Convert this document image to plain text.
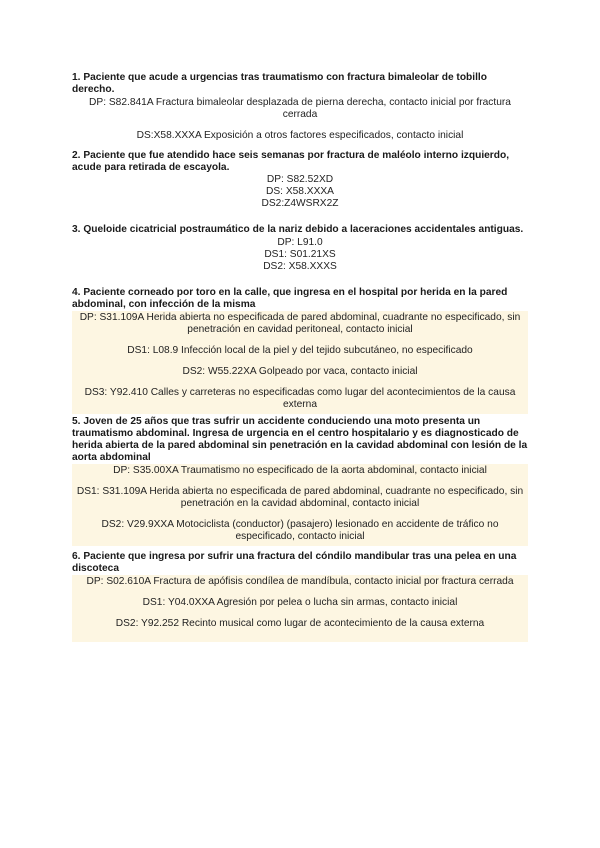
1. Paciente que acude a urgencias tras traumatismo con fractura bimaleolar de tobillo derecho.

DP: S82.841A Fractura bimaleolar desplazada de pierna derecha, contacto inicial por fractura cerrada

DS:X58.XXXA Exposición a otros factores especificados, contacto inicial

2. Paciente que fue atendido hace seis semanas por fractura de maléolo interno izquierdo, acude para retirada de escayola.

DP: S82.52XD

DS: X58.XXXA

DS2:Z4WSRX2Z

3. Queloide cicatricial postraumático de la nariz debido a laceraciones accidentales antiguas.

DP: L91.0

DS1: S01.21XS

DS2: X58.XXXS

4. Paciente corneado por toro en la calle, que ingresa en el hospital por herida en la pared abdominal, con infección de la misma

DP: S31.109A Herida abierta no especificada de pared abdominal, cuadrante no especificado, sin penetración en cavidad peritoneal, contacto inicial

DS1: L08.9 Infección local de la piel y del tejido subcutáneo, no especificado

DS2: W55.22XA Golpeado por vaca, contacto inicial

DS3: Y92.410 Calles y carreteras no especificadas como lugar del acontecimientos de la causa externa

5. Joven de 25 años que tras sufrir un accidente conduciendo una moto presenta un traumatismo abdominal. Ingresa de urgencia en el centro hospitalario y es diagnosticado de herida abierta de la pared abdominal sin penetración en la cavidad abdominal con lesión de la aorta abdominal

DP: S35.00XA Traumatismo no especificado de la aorta abdominal, contacto inicial

DS1: S31.109A Herida abierta no especificada de pared abdominal, cuadrante no especificado, sin penetración en la cavidad abdominal, contacto inicial

DS2: V29.9XXA Motociclista (conductor) (pasajero) lesionado en accidente de tráfico no especificado, contacto inicial

6. Paciente que ingresa por sufrir una fractura del cóndilo mandibular tras una pelea en una discoteca

DP: S02.610A Fractura de apófisis condílea de mandíbula, contacto inicial por fractura cerrada

DS1: Y04.0XXA Agresión por pelea o lucha sin armas, contacto inicial

DS2: Y92.252 Recinto musical como lugar de acontecimiento de la causa externa
